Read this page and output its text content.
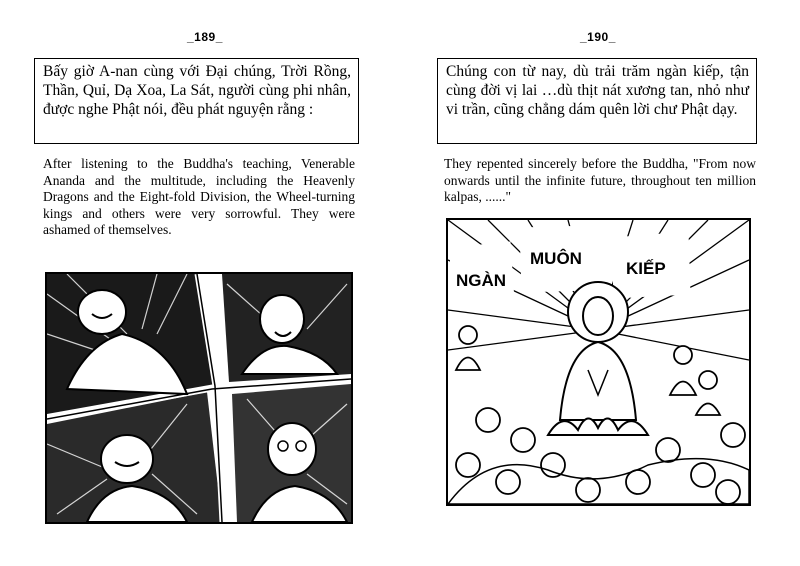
_189_
Bấy giờ A-nan cùng với Đại chúng, Trời Rồng, Thần, Quỉ, Dạ Xoa, La Sát, người cùng phi nhân, được nghe Phật nói, đều phát nguyện rằng :
After listening to the Buddha's teaching, Venerable Ananda and the multitude, including the Heavenly Dragons and the Eight-fold Division, the Wheel-turning kings and others were very sorrowful. They were ashamed of themselves.
_190_
Chúng con từ nay, dù trải trăm ngàn kiếp, tận cùng đời vị lai …dù thịt nát xương tan, nhỏ như vi trần, cũng chẳng dám quên lời chư Phật dạy.
They repented sincerely before the Buddha, "From now onwards until the infinite future, throughout ten million kalpas, ......"
NGÀN
MUÔN
KIẾP
